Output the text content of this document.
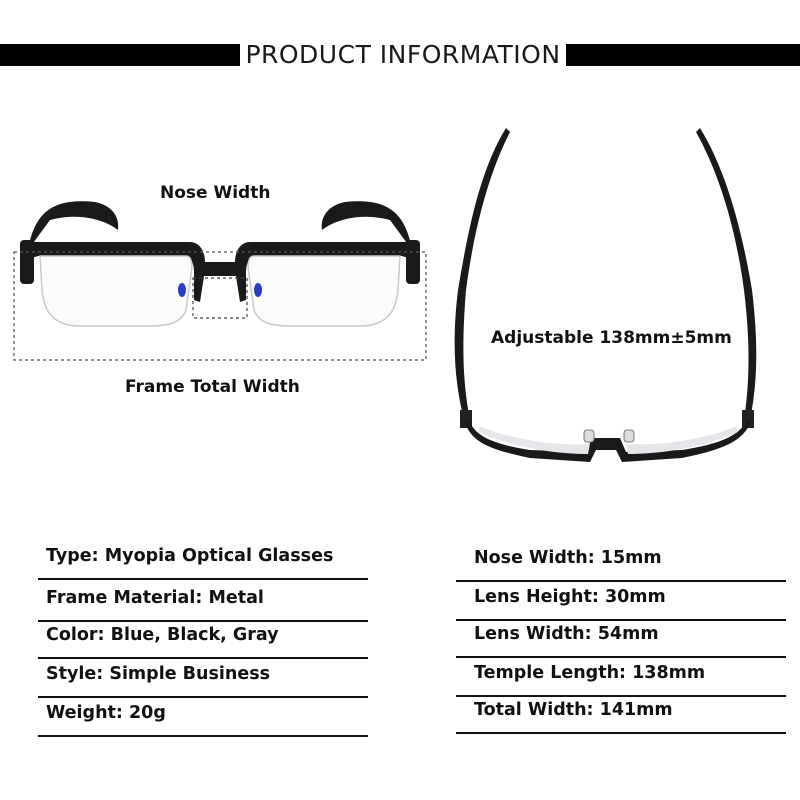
PRODUCT INFORMATION
Nose Width
Frame Total Width
Adjustable 138mm±5mm
Type: Myopia Optical Glasses
Frame Material: Metal
Color: Blue, Black, Gray
Style: Simple Business
Weight: 20g
Nose Width: 15mm
Lens Height: 30mm
Lens Width: 54mm
Temple Length: 138mm
Total Width: 141mm
